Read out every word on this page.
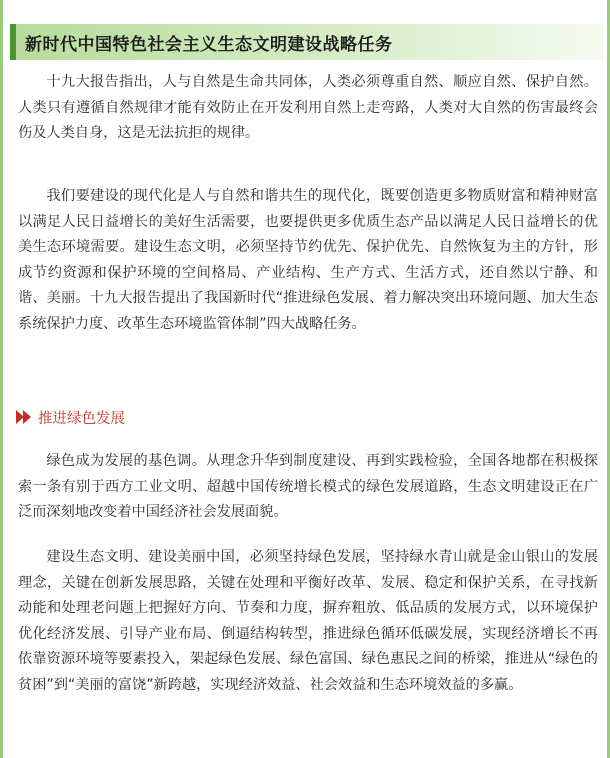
新时代中国特色社会主义生态文明建设战略任务

十九大报告指出，人与自然是生命共同体，人类必须尊重自然、顺应自然、保护自然。人类只有遵循自然规律才能有效防止在开发利用自然上走弯路，人类对大自然的伤害最终会伤及人类自身，这是无法抗拒的规律。

我们要建设的现代化是人与自然和谐共生的现代化，既要创造更多物质财富和精神财富以满足人民日益增长的美好生活需要，也要提供更多优质生态产品以满足人民日益增长的优美生态环境需要。建设生态文明，必须坚持节约优先、保护优先、自然恢复为主的方针，形成节约资源和保护环境的空间格局、产业结构、生产方式、生活方式，还自然以宁静、和谐、美丽。十九大报告提出了我国新时代“推进绿色发展、着力解决突出环境问题、加大生态系统保护力度、改革生态环境监管体制”四大战略任务。

推进绿色发展

绿色成为发展的基色调。从理念升华到制度建设、再到实践检验，全国各地都在积极探索一条有别于西方工业文明、超越中国传统增长模式的绿色发展道路，生态文明建设正在广泛而深刻地改变着中国经济社会发展面貌。

建设生态文明、建设美丽中国，必须坚持绿色发展，坚持绿水青山就是金山银山的发展理念，关键在创新发展思路，关键在处理和平衡好改革、发展、稳定和保护关系，在寻找新动能和处理老问题上把握好方向、节奏和力度，摒弃粗放、低品质的发展方式，以环境保护优化经济发展、引导产业布局、倒逼结构转型，推进绿色循环低碳发展，实现经济增长不再依靠资源环境等要素投入，架起绿色发展、绿色富国、绿色惠民之间的桥梁，推进从“绿色的贫困”到“美丽的富饶”新跨越，实现经济效益、社会效益和生态环境效益的多赢。
